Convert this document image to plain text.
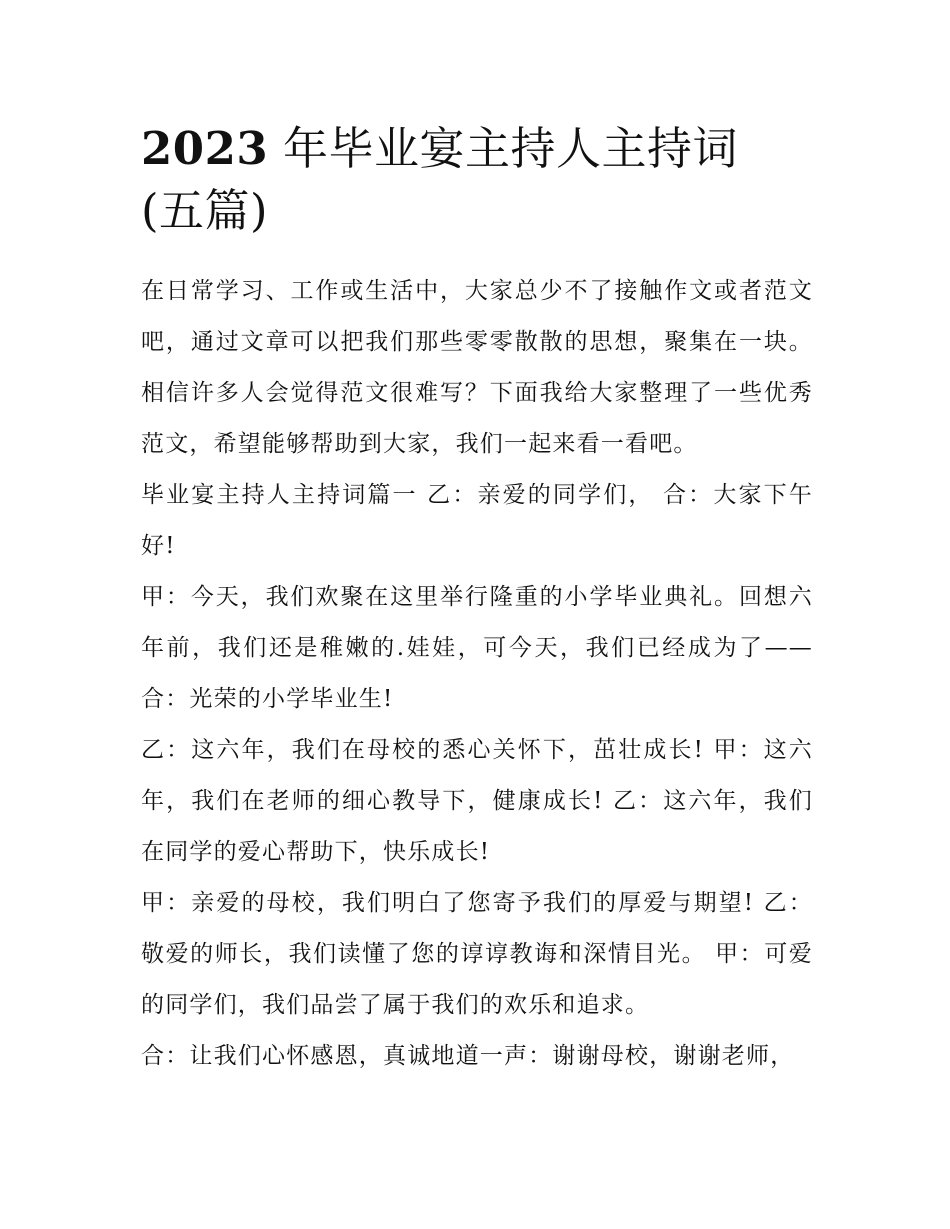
2023 年毕业宴主持人主持词
(五篇)

在日常学习、工作或生活中，大家总少不了接触作文或者范文吧，通过文章可以把我们那些零零散散的思想，聚集在一块。相信许多人会觉得范文很难写？下面我给大家整理了一些优秀范文，希望能够帮助到大家，我们一起来看一看吧。

毕业宴主持人主持词篇一 乙：亲爱的同学们， 合：大家下午好!

甲：今天，我们欢聚在这里举行隆重的小学毕业典礼。回想六年前，我们还是稚嫩的.娃娃，可今天，我们已经成为了——合：光荣的小学毕业生!

乙：这六年，我们在母校的悉心关怀下，茁壮成长! 甲：这六年，我们在老师的细心教导下，健康成长! 乙：这六年，我们在同学的爱心帮助下，快乐成长!

甲：亲爱的母校，我们明白了您寄予我们的厚爱与期望! 乙：敬爱的师长，我们读懂了您的谆谆教诲和深情目光。 甲：可爱的同学们，我们品尝了属于我们的欢乐和追求。

合：让我们心怀感恩，真诚地道一声：谢谢母校，谢谢老师，
